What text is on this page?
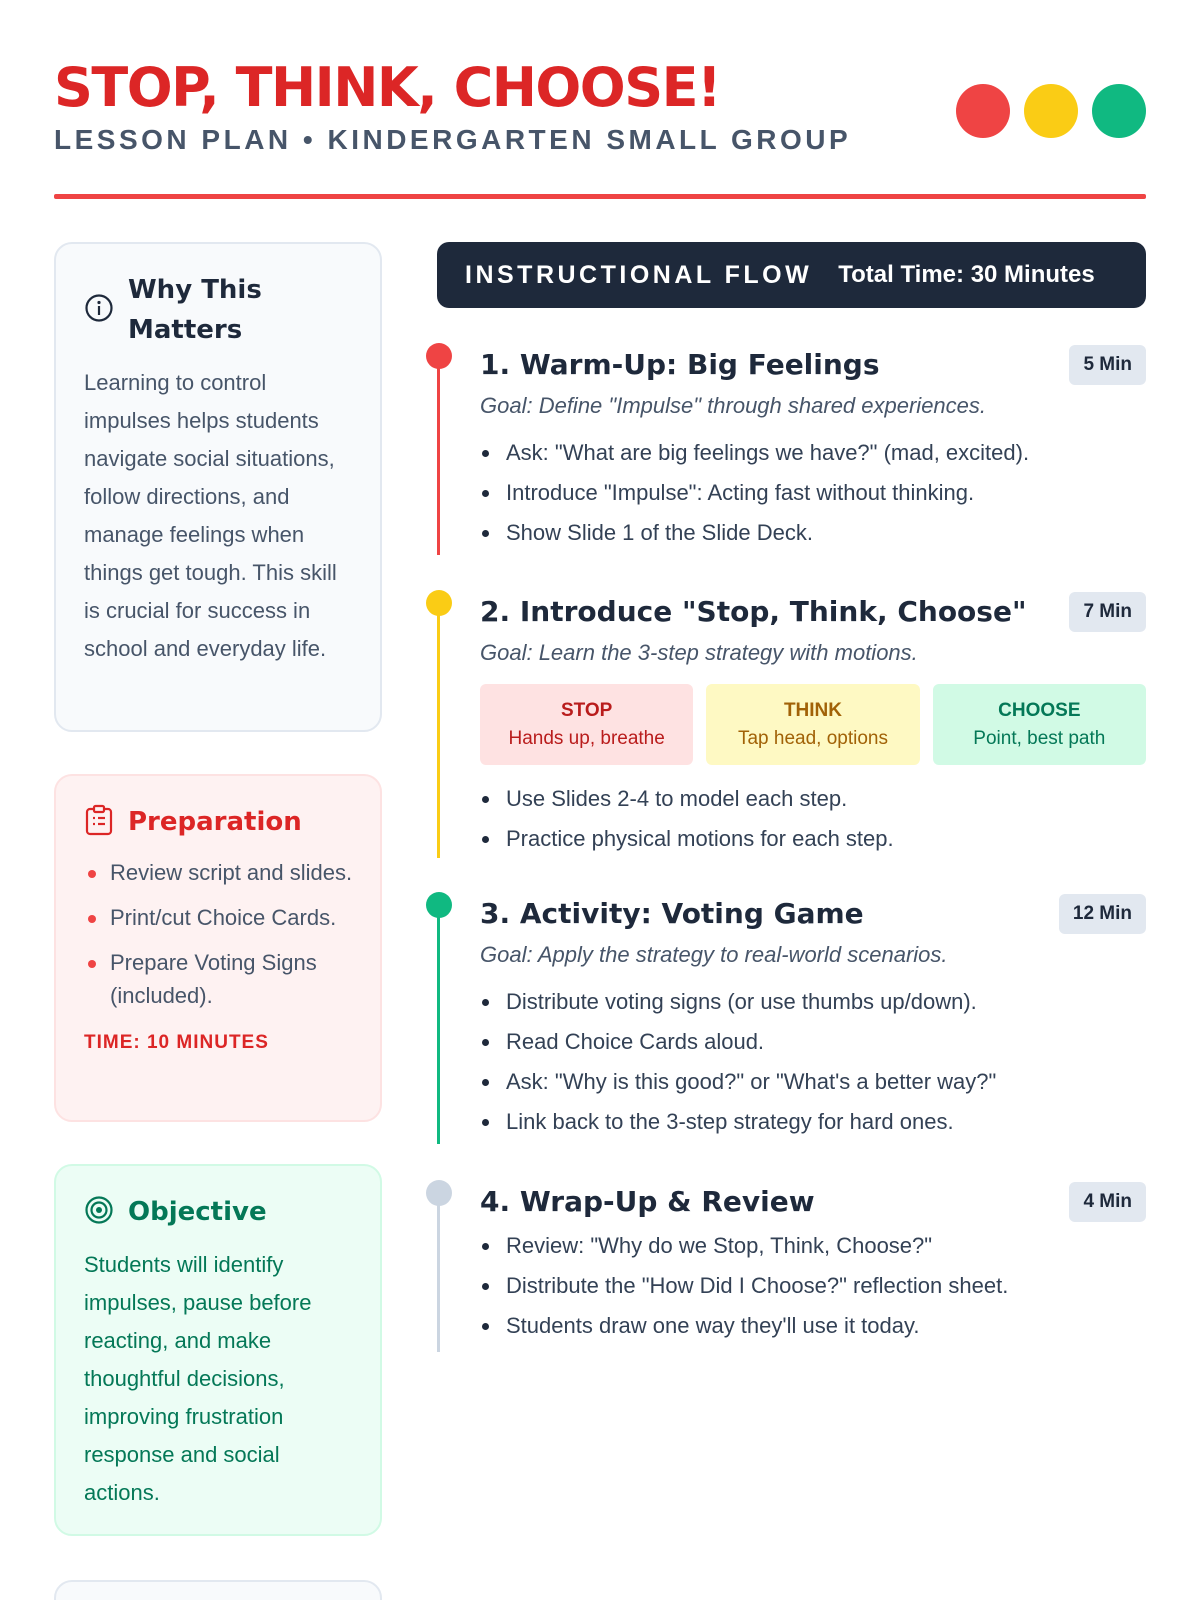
STOP, THINK, CHOOSE!
LESSON PLAN • KINDERGARTEN SMALL GROUP
Why This Matters
Learning to control impulses helps students navigate social situations, follow directions, and manage feelings when things get tough. This skill is crucial for success in school and everyday life.
Preparation
Review script and slides.
Print/cut Choice Cards.
Prepare Voting Signs (included).
TIME: 10 MINUTES
Objective
Students will identify impulses, pause before reacting, and make thoughtful decisions, improving frustration response and social actions.
INSTRUCTIONAL FLOW Total Time: 30 Minutes
1. Warm-Up: Big Feelings	5 Min
Goal: Define "Impulse" through shared experiences.
Ask: "What are big feelings we have?" (mad, excited).
Introduce "Impulse": Acting fast without thinking.
Show Slide 1 of the Slide Deck.
2. Introduce "Stop, Think, Choose"	7 Min
Goal: Learn the 3-step strategy with motions.
STOP
Hands up, breathe
THINK
Tap head, options
CHOOSE
Point, best path
Use Slides 2-4 to model each step.
Practice physical motions for each step.
3. Activity: Voting Game	12 Min
Goal: Apply the strategy to real-world scenarios.
Distribute voting signs (or use thumbs up/down).
Read Choice Cards aloud.
Ask: "Why is this good?" or "What's a better way?"
Link back to the 3-step strategy for hard ones.
4. Wrap-Up & Review	4 Min
Review: "Why do we Stop, Think, Choose?"
Distribute the "How Did I Choose?" reflection sheet.
Students draw one way they'll use it today.
